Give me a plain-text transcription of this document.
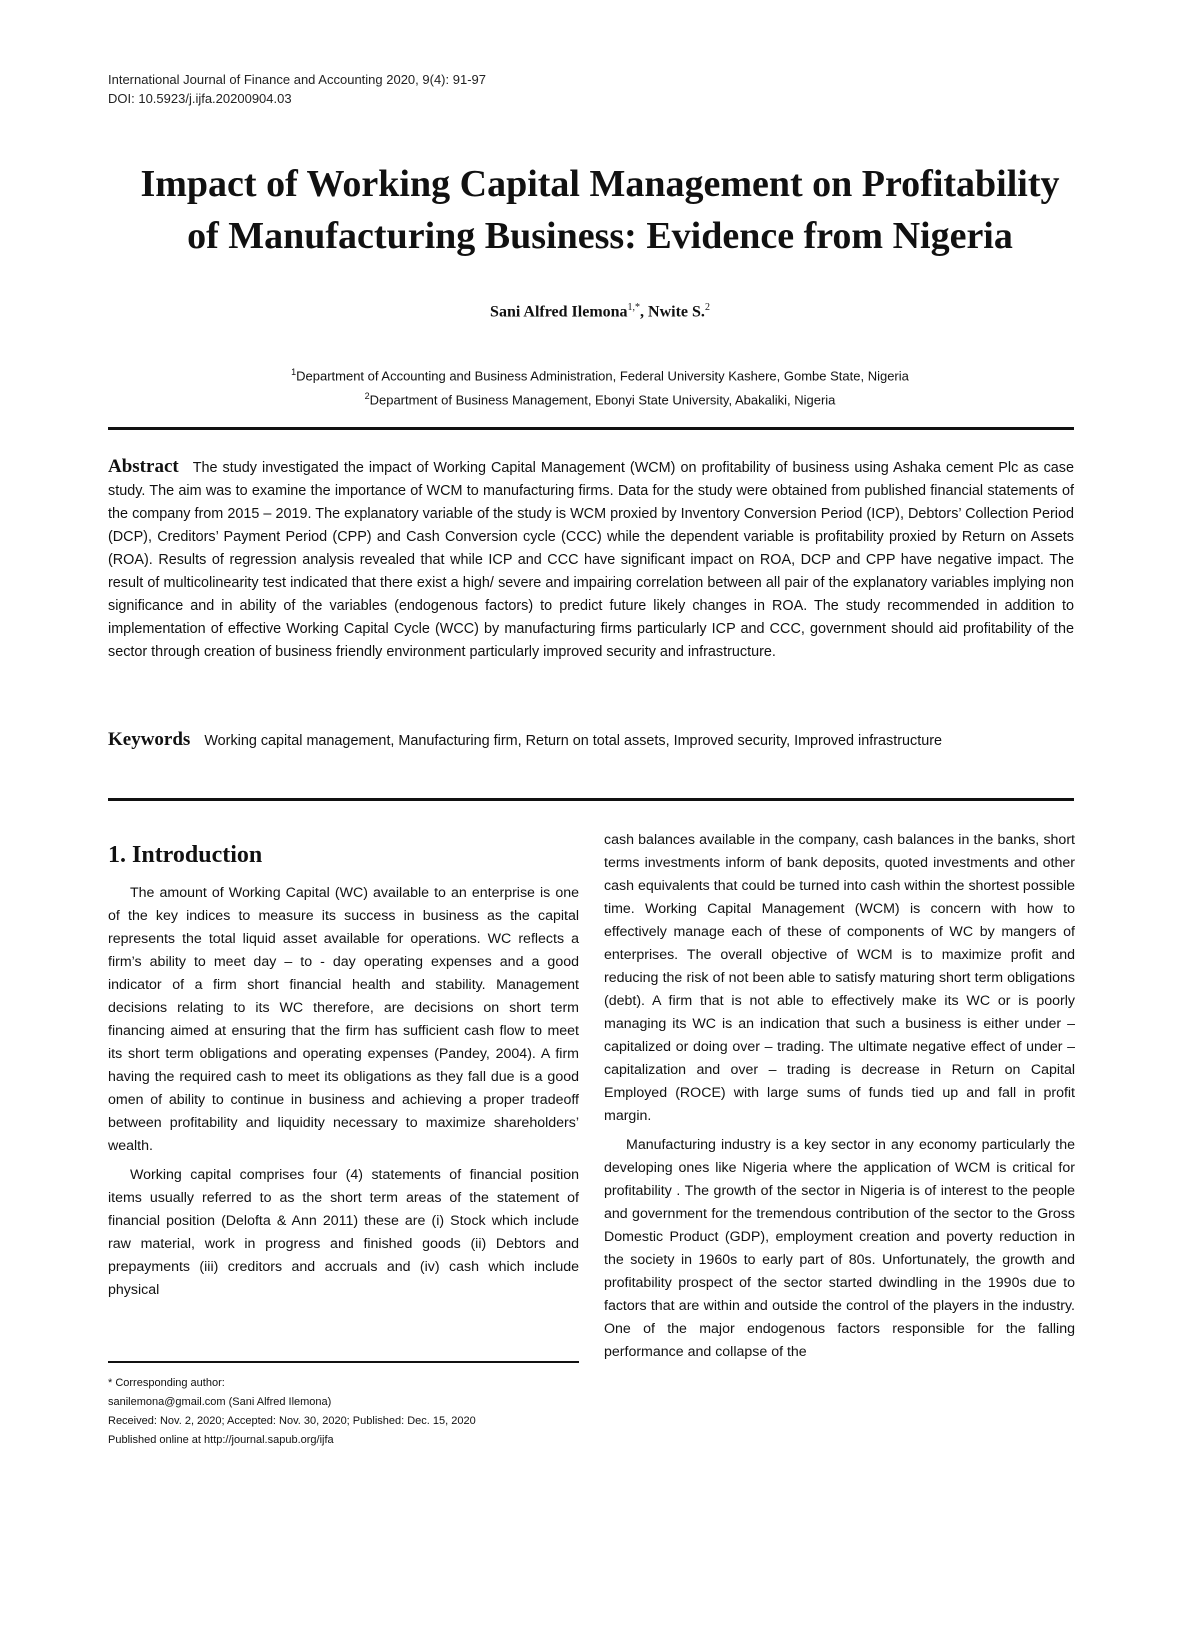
International Journal of Finance and Accounting 2020, 9(4): 91-97
DOI: 10.5923/j.ijfa.20200904.03
Impact of Working Capital Management on Profitability
of Manufacturing Business: Evidence from Nigeria
Sani Alfred Ilemona$^{1,*}$, Nwite S.$^2$
$^1$Department of Accounting and Business Administration, Federal University Kashere, Gombe State, Nigeria
$^2$Department of Business Management, Ebonyi State University, Abakaliki, Nigeria
Abstract The study investigated the impact of Working Capital Management (WCM) on profitability of business using Ashaka cement Plc as case study. The aim was to examine the importance of WCM to manufacturing firms. Data for the study were obtained from published financial statements of the company from 2015 – 2019. The explanatory variable of the study is WCM proxied by Inventory Conversion Period (ICP), Debtors’ Collection Period (DCP), Creditors’ Payment Period (CPP) and Cash Conversion cycle (CCC) while the dependent variable is profitability proxied by Return on Assets (ROA). Results of regression analysis revealed that while ICP and CCC have significant impact on ROA, DCP and CPP have negative impact. The result of multicolinearity test indicated that there exist a high/ severe and impairing correlation between all pair of the explanatory variables implying non significance and in ability of the variables (endogenous factors) to predict future likely changes in ROA. The study recommended in addition to implementation of effective Working Capital Cycle (WCC) by manufacturing firms particularly ICP and CCC, government should aid profitability of the sector through creation of business friendly environment particularly improved security and infrastructure.
Keywords Working capital management, Manufacturing firm, Return on total assets, Improved security, Improved infrastructure
1. Introduction

The amount of Working Capital (WC) available to an enterprise is one of the key indices to measure its success in business as the capital represents the total liquid asset available for operations. WC reflects a firm’s ability to meet day – to - day operating expenses and a good indicator of a firm short financial health and stability. Management decisions relating to its WC therefore, are decisions on short term financing aimed at ensuring that the firm has sufficient cash flow to meet its short term obligations and operating expenses (Pandey, 2004). A firm having the required cash to meet its obligations as they fall due is a good omen of ability to continue in business and achieving a proper tradeoff between profitability and liquidity necessary to maximize shareholders’ wealth.

Working capital comprises four (4) statements of financial position items usually referred to as the short term areas of the statement of financial position (Delofta & Ann 2011) these are (i) Stock which include raw material, work in progress and finished goods (ii) Debtors and prepayments (iii) creditors and accruals and (iv) cash which include physical

cash balances available in the company, cash balances in the banks, short terms investments inform of bank deposits, quoted investments and other cash equivalents that could be turned into cash within the shortest possible time. Working Capital Management (WCM) is concern with how to effectively manage each of these of components of WC by mangers of enterprises. The overall objective of WCM is to maximize profit and reducing the risk of not been able to satisfy maturing short term obligations (debt). A firm that is not able to effectively make its WC or is poorly managing its WC is an indication that such a business is either under – capitalized or doing over – trading. The ultimate negative effect of under – capitalization and over – trading is decrease in Return on Capital Employed (ROCE) with large sums of funds tied up and fall in profit margin.

Manufacturing industry is a key sector in any economy particularly the developing ones like Nigeria where the application of WCM is critical for profitability . The growth of the sector in Nigeria is of interest to the people and government for the tremendous contribution of the sector to the Gross Domestic Product (GDP), employment creation and poverty reduction in the society in 1960s to early part of 80s. Unfortunately, the growth and profitability prospect of the sector started dwindling in the 1990s due to factors that are within and outside the control of the players in the industry. One of the major endogenous factors responsible for the falling performance and collapse of the

* Corresponding author:
sanilemona@gmail.com (Sani Alfred Ilemona)
Received: Nov. 2, 2020; Accepted: Nov. 30, 2020; Published: Dec. 15, 2020
Published online at http://journal.sapub.org/ijfa
